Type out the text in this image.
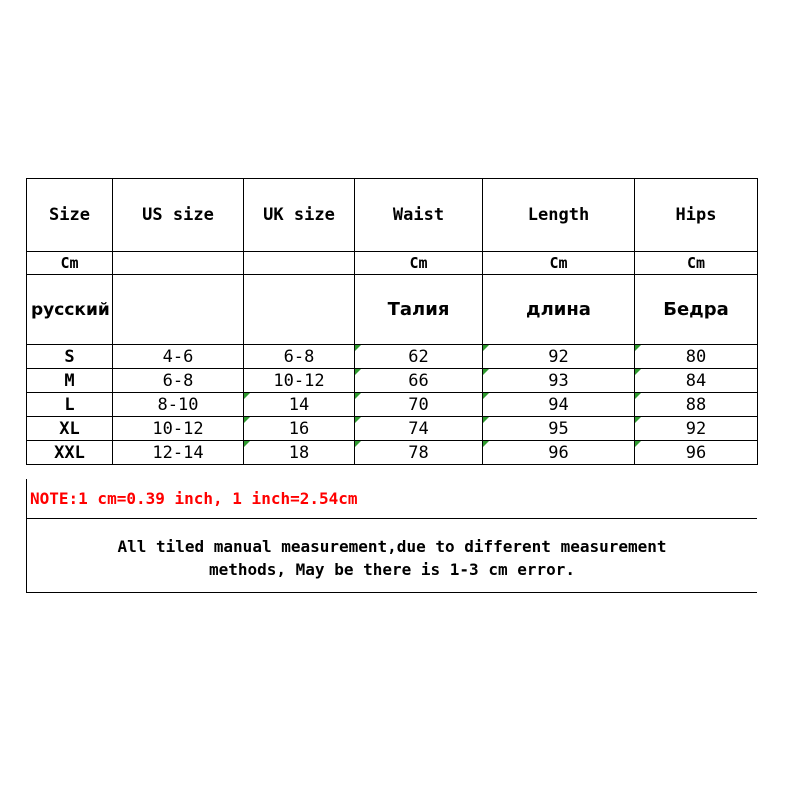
Size	US size	UK size	Waist	Length	Hips
Cm			Cm	Cm	Cm
русский			Талия	длина	Бедра
S	4-6	6-8	62	92	80
M	6-8	10-12	66	93	84
L	8-10	14	70	94	88
XL	10-12	16	74	95	92
XXL	12-14	18	78	96	96
NOTE:1 cm=0.39 inch, 1 inch=2.54cm
All tiled manual measurement,due to different measurement
methods, May be there is 1-3 cm error.
